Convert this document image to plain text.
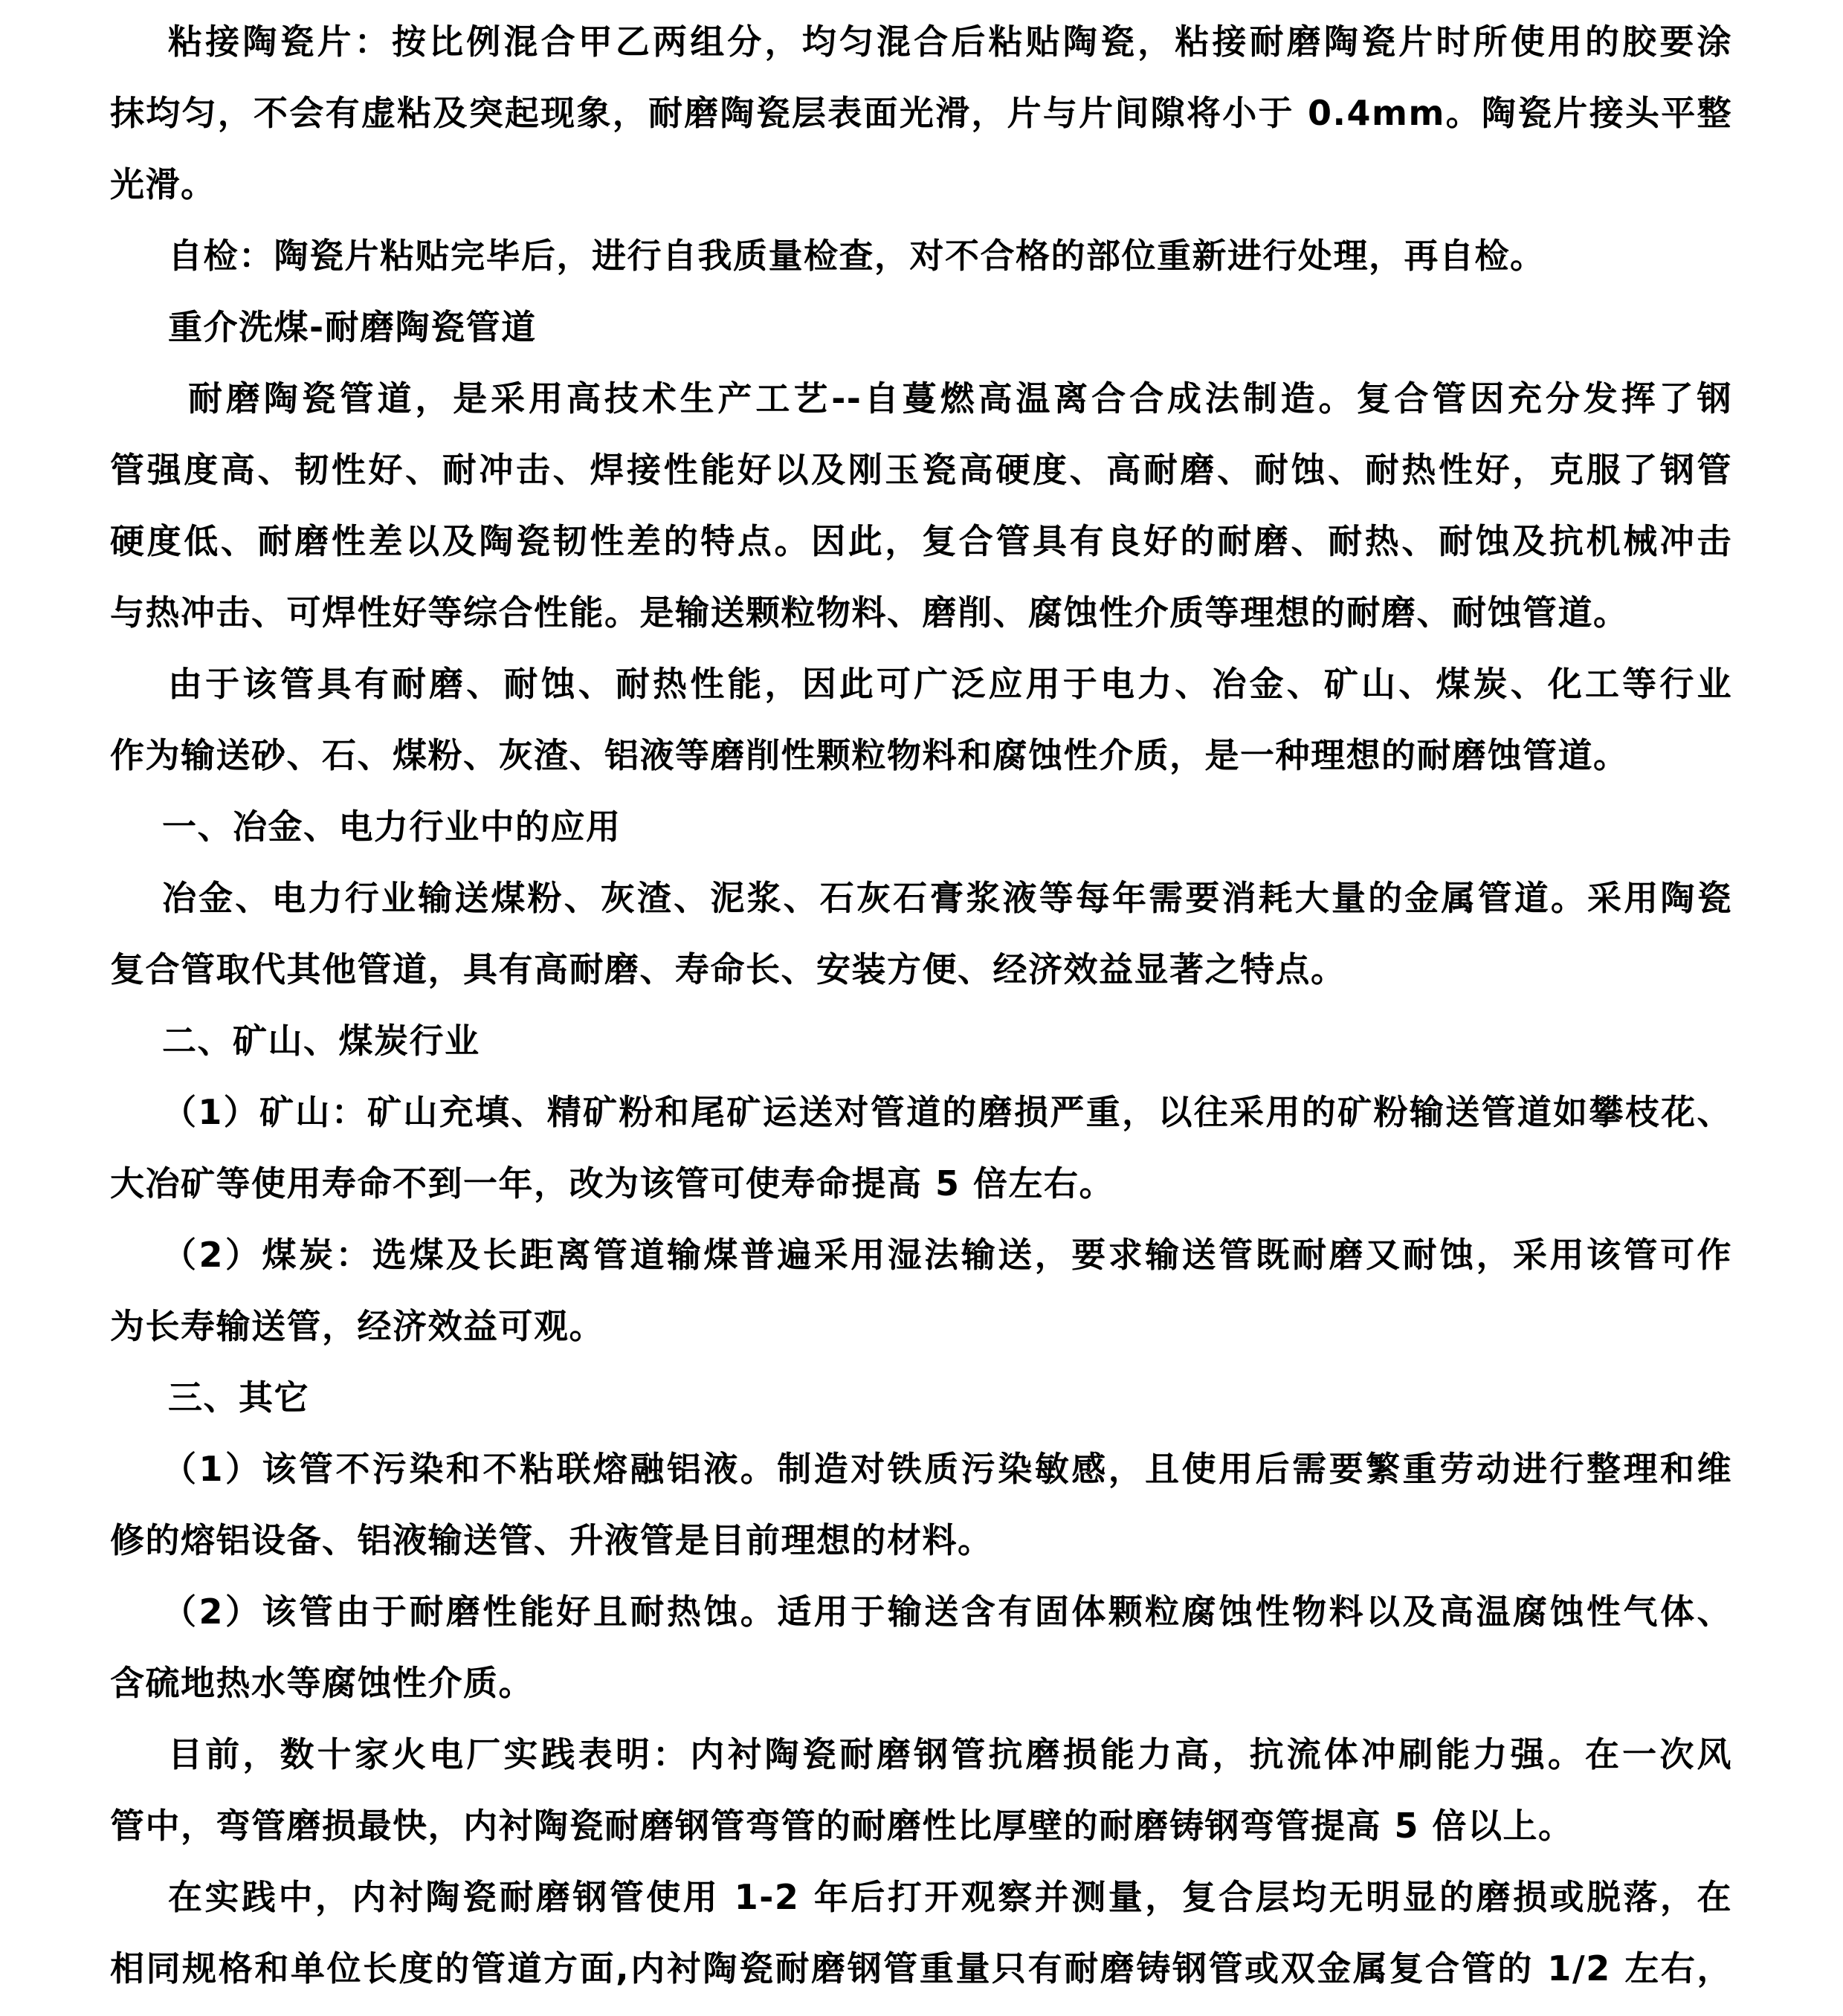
粘接陶瓷片：按比例混合甲乙两组分，均匀混合后粘贴陶瓷，粘接耐磨陶瓷片时所使用的胶要涂
抹均匀，不会有虚粘及突起现象，耐磨陶瓷层表面光滑，片与片间隙将小于 0.4mm。陶瓷片接头平整
光滑。
自检：陶瓷片粘贴完毕后，进行自我质量检查，对不合格的部位重新进行处理，再自检。
重介洗煤-耐磨陶瓷管道
耐磨陶瓷管道，是采用高技术生产工艺--自蔓燃高温离合合成法制造。复合管因充分发挥了钢
管强度高、韧性好、耐冲击、焊接性能好以及刚玉瓷高硬度、高耐磨、耐蚀、耐热性好，克服了钢管
硬度低、耐磨性差以及陶瓷韧性差的特点。因此，复合管具有良好的耐磨、耐热、耐蚀及抗机械冲击
与热冲击、可焊性好等综合性能。是输送颗粒物料、磨削、腐蚀性介质等理想的耐磨、耐蚀管道。
由于该管具有耐磨、耐蚀、耐热性能，因此可广泛应用于电力、冶金、矿山、煤炭、化工等行业
作为输送砂、石、煤粉、灰渣、铝液等磨削性颗粒物料和腐蚀性介质，是一种理想的耐磨蚀管道。
一、冶金、电力行业中的应用
冶金、电力行业输送煤粉、灰渣、泥浆、石灰石膏浆液等每年需要消耗大量的金属管道。采用陶瓷
复合管取代其他管道，具有高耐磨、寿命长、安装方便、经济效益显著之特点。
二、矿山、煤炭行业
（1）矿山：矿山充填、精矿粉和尾矿运送对管道的磨损严重，以往采用的矿粉输送管道如攀枝花、
大冶矿等使用寿命不到一年，改为该管可使寿命提高 5 倍左右。
（2）煤炭：选煤及长距离管道输煤普遍采用湿法输送，要求输送管既耐磨又耐蚀，采用该管可作
为长寿输送管，经济效益可观。
三、其它
（1）该管不污染和不粘联熔融铝液。制造对铁质污染敏感，且使用后需要繁重劳动进行整理和维
修的熔铝设备、铝液输送管、升液管是目前理想的材料。
（2）该管由于耐磨性能好且耐热蚀。适用于输送含有固体颗粒腐蚀性物料以及高温腐蚀性气体、
含硫地热水等腐蚀性介质。
目前，数十家火电厂实践表明：内衬陶瓷耐磨钢管抗磨损能力高，抗流体冲刷能力强。在一次风
管中，弯管磨损最快，内衬陶瓷耐磨钢管弯管的耐磨性比厚壁的耐磨铸钢弯管提高 5 倍以上。
在实践中，内衬陶瓷耐磨钢管使用 1-2 年后打开观察并测量，复合层均无明显的磨损或脱落，在
相同规格和单位长度的管道方面,内衬陶瓷耐磨钢管重量只有耐磨铸钢管或双金属复合管的 1/2 左右，
